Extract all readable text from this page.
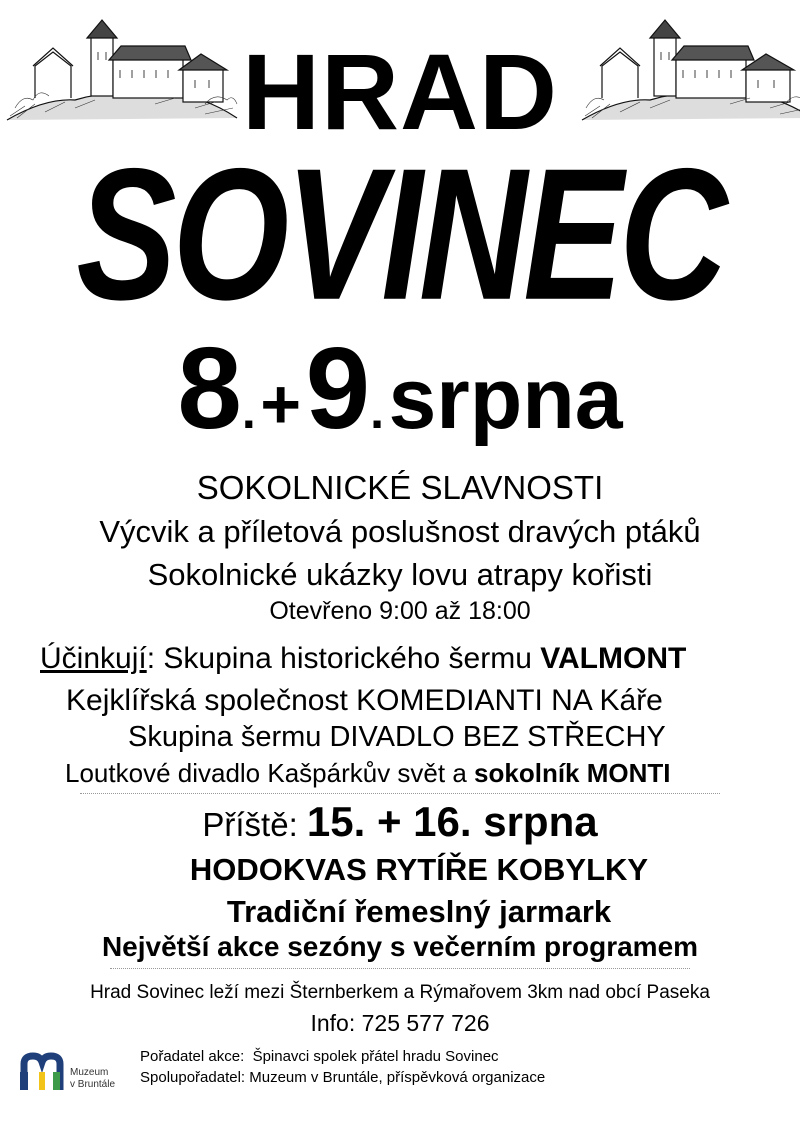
HRAD
SOVINEC
8. + 9. srpna
SOKOLNICKÉ SLAVNOSTI
Výcvik a příletová poslušnost dravých ptáků
Sokolnické ukázky lovu atrapy kořisti
Otevřeno 9:00 až 18:00
Účinkují: Skupina historického šermu VALMONT
Kejklířská společnost KOMEDIANTI NA Káře
Skupina šermu DIVADLO BEZ STŘECHY
Loutkové divadlo Kašpárkův svět a sokolník MONTI
Příště: 15. + 16. srpna
HODOKVAS RYTÍŘE KOBYLKY
Tradiční řemeslný jarmark
Největší akce sezóny s večerním programem
Hrad Sovinec leží mezi Šternberkem a Rýmařovem 3km nad obcí Paseka
Info: 725 577 726
Muzeum
v Bruntále
Pořadatel akce:  Špinavci spolek přátel hradu Sovinec
Spolupořadatel: Muzeum v Bruntále, příspěvková organizace
